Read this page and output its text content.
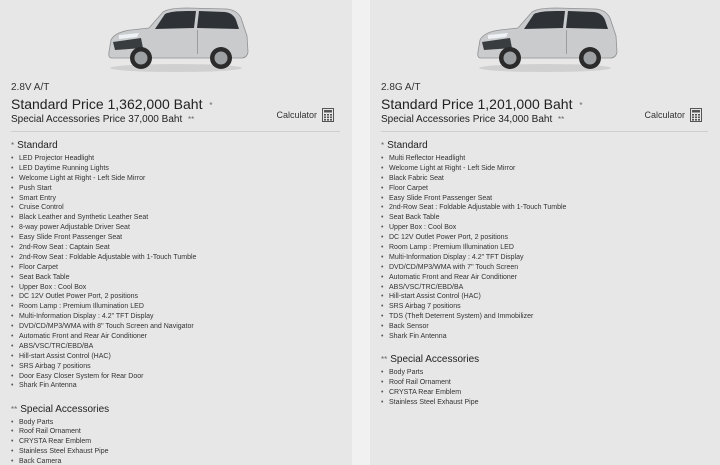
2.8V A/T
Standard Price 1,362,000 Baht *
Special Accessories Price 37,000 Baht **	Calculator
* Standard
• LED Projector Headlight
• LED Daytime Running Lights
• Welcome Light at Right - Left Side Mirror
• Push Start
• Smart Entry
• Cruise Control
• Black Leather and Synthetic Leather Seat
• 8-way power Adjustable Driver Seat
• Easy Slide Front Passenger Seat
• 2nd-Row Seat : Captain Seat
• 2nd-Row Seat : Foldable Adjustable with 1-Touch Tumble
• Floor Carpet
• Seat Back Table
• Upper Box : Cool Box
• DC 12V Outlet Power Port, 2 positions
• Room Lamp : Premium Illumination LED
• Multi-Information Display : 4.2" TFT Display
• DVD/CD/MP3/WMA with 8" Touch Screen and Navigator
• Automatic Front and Rear Air Conditioner
• ABS/VSC/TRC/EBD/BA
• Hill-start Assist Control (HAC)
• SRS Airbag 7 positions
• Door Easy Closer System for Rear Door
• Shark Fin Antenna
** Special Accessories
• Body Parts
• Roof Rail Ornament
• CRYSTA Rear Emblem
• Stainless Steel Exhaust Pipe
• Back Camera
2.8G A/T
Standard Price 1,201,000 Baht *
Special Accessories Price 34,000 Baht **	Calculator
* Standard
• Multi Reflector Headlight
• Welcome Light at Right - Left Side Mirror
• Black Fabric Seat
• Floor Carpet
• Easy Slide Front Passenger Seat
• 2nd-Row Seat : Foldable Adjustable with 1-Touch Tumble
• Seat Back Table
• Upper Box : Cool Box
• DC 12V Outlet Power Port, 2 positions
• Room Lamp : Premium Illumination LED
• Multi-Information Display : 4.2" TFT Display
• DVD/CD/MP3/WMA with 7" Touch Screen
• Automatic Front and Rear Air Conditioner
• ABS/VSC/TRC/EBD/BA
• Hill-start Assist Control (HAC)
• SRS Airbag 7 positions
• TDS (Theft Deterrent System) and Immobilizer
• Back Sensor
• Shark Fin Antenna
** Special Accessories
• Body Parts
• Roof Rail Ornament
• CRYSTA Rear Emblem
• Stainless Steel Exhaust Pipe
